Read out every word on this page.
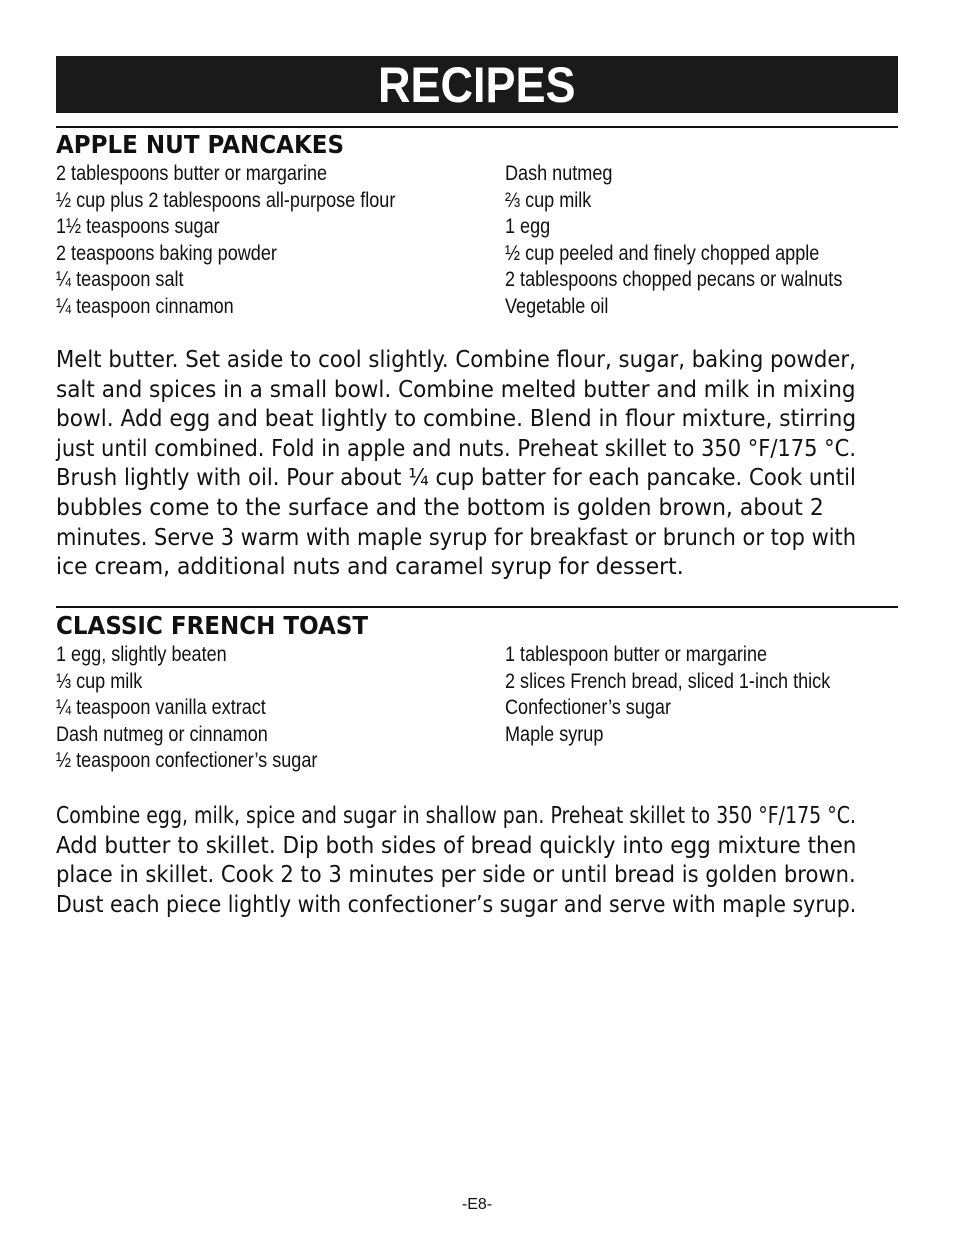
RECIPES
APPLE NUT PANCAKES
2 tablespoons butter or margarine
½ cup plus 2 tablespoons all-purpose flour
1½ teaspoons sugar
2 teaspoons baking powder
¼ teaspoon salt
¼ teaspoon cinnamon
Dash nutmeg
⅔ cup milk
1 egg
½ cup peeled and finely chopped apple
2 tablespoons chopped pecans or walnuts
Vegetable oil
Melt butter. Set aside to cool slightly. Combine flour, sugar, baking powder,
salt and spices in a small bowl. Combine melted butter and milk in mixing
bowl. Add egg and beat lightly to combine. Blend in flour mixture, stirring
just until combined. Fold in apple and nuts. Preheat skillet to 350 °F/175 °C.
Brush lightly with oil. Pour about ¼ cup batter for each pancake. Cook until
bubbles come to the surface and the bottom is golden brown, about 2
minutes. Serve 3 warm with maple syrup for breakfast or brunch or top with
ice cream, additional nuts and caramel syrup for dessert.
CLASSIC FRENCH TOAST
1 egg, slightly beaten
⅓ cup milk
¼ teaspoon vanilla extract
Dash nutmeg or cinnamon
½ teaspoon confectioner’s sugar
1 tablespoon butter or margarine
2 slices French bread, sliced 1-inch thick
Confectioner’s sugar
Maple syrup
Combine egg, milk, spice and sugar in shallow pan. Preheat skillet to 350 °F/175 °C.
Add butter to skillet. Dip both sides of bread quickly into egg mixture then
place in skillet. Cook 2 to 3 minutes per side or until bread is golden brown.
Dust each piece lightly with confectioner’s sugar and serve with maple syrup.
-E8-
